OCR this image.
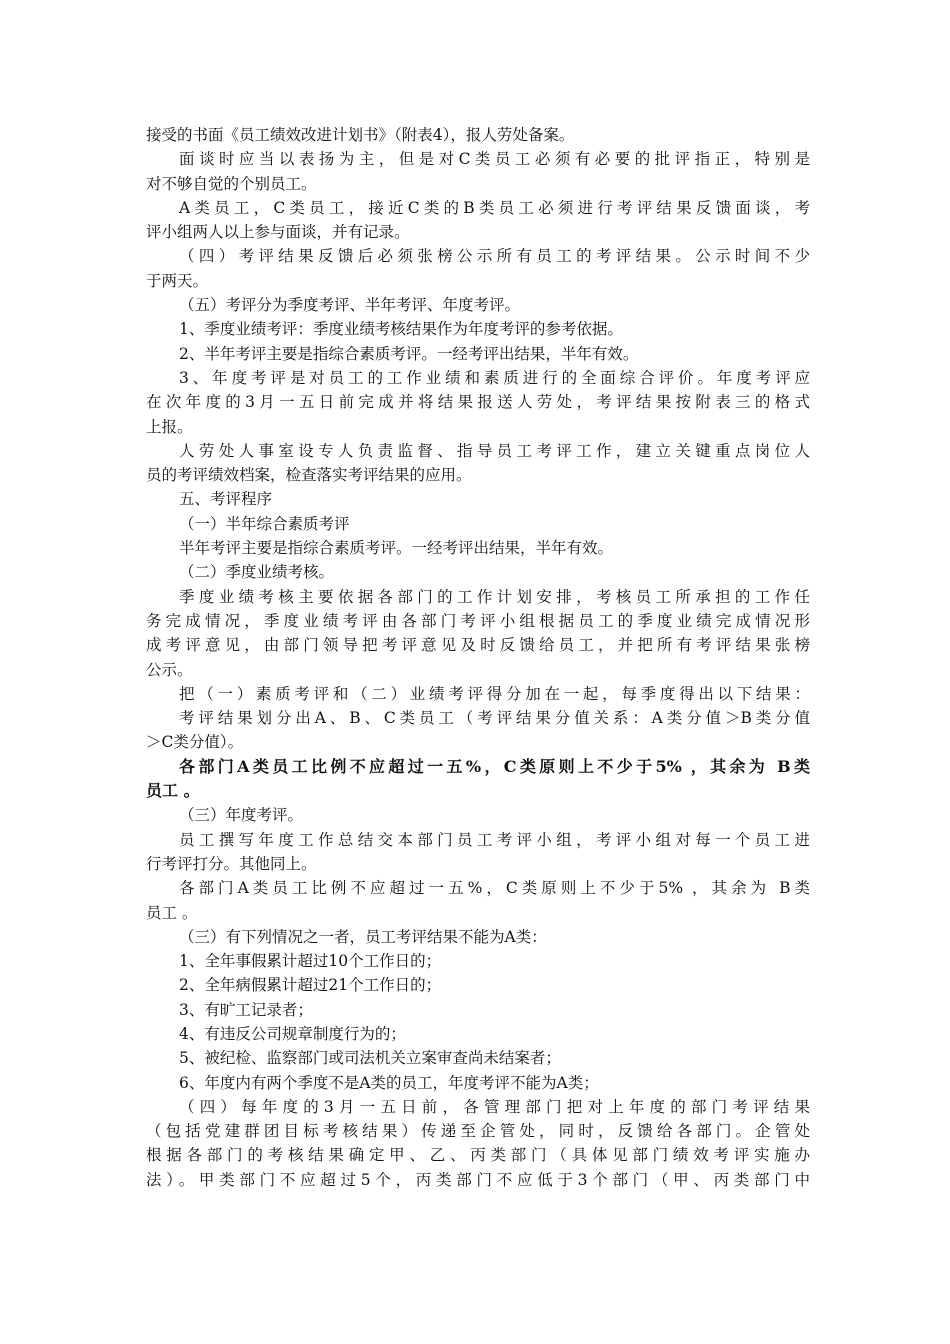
接受的书面《员工绩效改进计划书》（附表4），报人劳处备案。
面谈时应当以表扬为主，但是对C类员工必须有必要的批评指正，特别是
对不够自觉的个别员工。
A类员工，C类员工，接近C类的B类员工必须进行考评结果反馈面谈，考
评小组两人以上参与面谈，并有记录。
（四）考评结果反馈后必须张榜公示所有员工的考评结果。公示时间不少
于两天。
（五）考评分为季度考评、半年考评、年度考评。
1、季度业绩考评：季度业绩考核结果作为年度考评的参考依据。
2、半年考评主要是指综合素质考评。一经考评出结果，半年有效。
3、年度考评是对员工的工作业绩和素质进行的全面综合评价。年度考评应
在次年度的3月一五日前完成并将结果报送人劳处，考评结果按附表三的格式
上报。
人劳处人事室设专人负责监督、指导员工考评工作，建立关键重点岗位人
员的考评绩效档案，检查落实考评结果的应用。
五、考评程序
（一）半年综合素质考评
半年考评主要是指综合素质考评。一经考评出结果，半年有效。
（二）季度业绩考核。
季度业绩考核主要依据各部门的工作计划安排，考核员工所承担的工作任
务完成情况，季度业绩考评由各部门考评小组根据员工的季度业绩完成情况形
成考评意见，由部门领导把考评意见及时反馈给员工，并把所有考评结果张榜
公示。
把（一）素质考评和（二）业绩考评得分加在一起，每季度得出以下结果：
考评结果划分出A、B、C类员工（考评结果分值关系：A类分值＞B类分值
＞C类分值）。
各部门A类员工比例不应超过一五%，C类原则上不少于5% ，其余为 B类
员工 。
（三）年度考评。
员工撰写年度工作总结交本部门员工考评小组，考评小组对每一个员工进
行考评打分。其他同上。
各部门A类员工比例不应超过一五%，C类原则上不少于5% ，其余为 B类
员工 。
（三）有下列情况之一者，员工考评结果不能为A类：
1、全年事假累计超过10个工作日的；
2、全年病假累计超过21个工作日的；
3、有旷工记录者；
4、有违反公司规章制度行为的；
5、被纪检、监察部门或司法机关立案审查尚未结案者；
6、年度内有两个季度不是A类的员工，年度考评不能为A类；
（四）每年度的3月一五日前，各管理部门把对上年度的部门考评结果
（包括党建群团目标考核结果）传递至企管处，同时，反馈给各部门。企管处
根据各部门的考核结果确定甲、乙、丙类部门（具体见部门绩效考评实施办
法）。甲类部门不应超过5个，丙类部门不应低于3个部门（甲、丙类部门中
